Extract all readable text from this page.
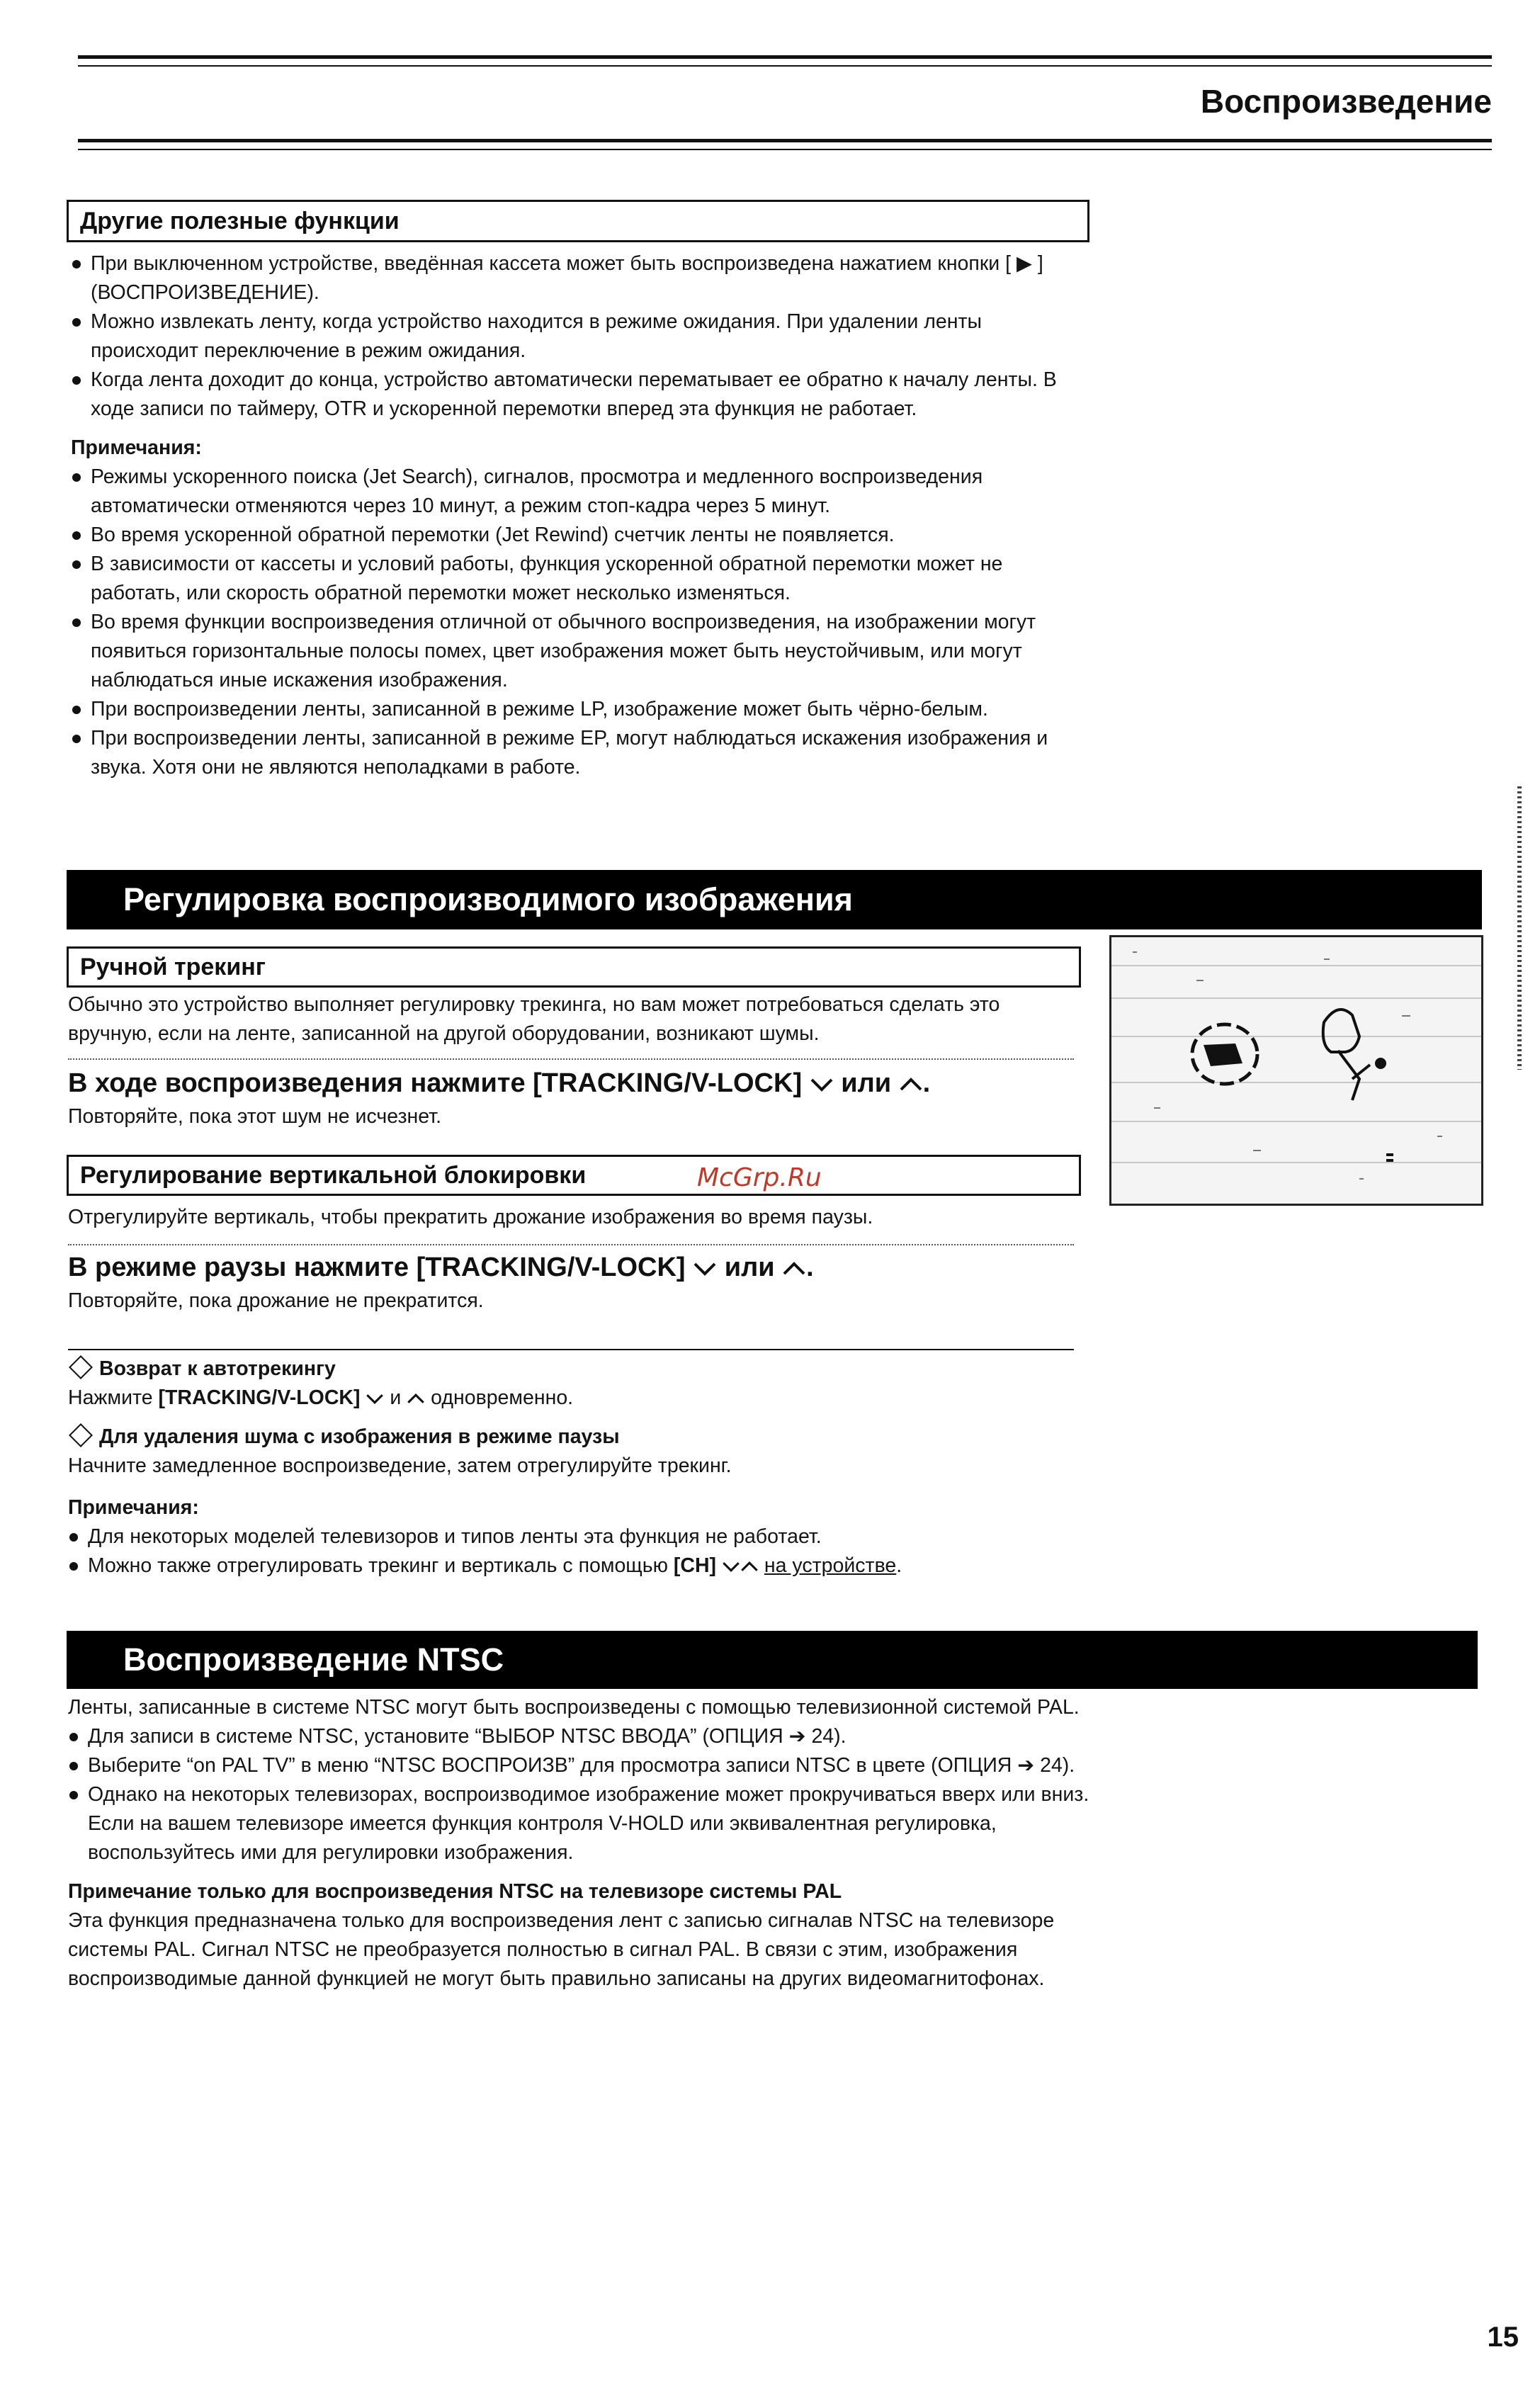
Воспроизведение
Другие полезные функции

При выключенном устройстве, введённая кассета может быть воспроизведена нажатием кнопки [ ▶ ] (ВОСПРОИЗВЕДЕНИЕ).

Можно извлекать ленту, когда устройство находится в режиме ожидания. При удалении ленты происходит переключение в режим ожидания.

Когда лента доходит до конца, устройство автоматически перематывает ее обратно к началу ленты. В ходе записи по таймеру, OTR и ускоренной перемотки вперед эта функция не работает.

Примечания:

Режимы ускоренного поиска (Jet Search), сигналов, просмотра и медленного воспроизведения автоматически отменяются через 10 минут, а режим стоп-кадра через 5 минут.

Во время ускоренной обратной перемотки (Jet Rewind) счетчик ленты не появляется.

В зависимости от кассеты и условий работы, функция ускоренной обратной перемотки может не работать, или скорость обратной перемотки может несколько изменяться.

Во время функции воспроизведения отличной от обычного воспроизведения, на изображении могут появиться горизонтальные полосы помех, цвет изображения может быть неустойчивым, или могут наблюдаться иные искажения изображения.

При воспроизведении ленты, записанной в режиме LP, изображение может быть чёрно-белым.

При воспроизведении ленты, записанной в режиме EP, могут наблюдаться искажения изображения и звука. Хотя они не являются неполадками в работе.

Регулировка воспроизводимого изображения
Ручной трекинг
Обычно это устройство выполняет регулировку трекинга, но вам может потребоваться сделать это вручную, если на ленте, записанной на другой оборудовании, возникают шумы.
В ходе воспроизведения нажмите [TRACKING/V-LOCK] или .
Повторяйте, пока этот шум не исчезнет.
Регулирование вертикальной блокировки	McGrp.Ru
Отрегулируйте вертикаль, чтобы прекратить дрожание изображения во время паузы.
В режиме раузы нажмите [TRACKING/V-LOCK] или .
Повторяйте, пока дрожание не прекратится.

Возврат к автотрекингу

Нажмите [TRACKING/V-LOCK] и одновременно.

Для удаления шума с изображения в режиме паузы

Начните замедленное воспроизведение, затем отрегулируйте трекинг.

Примечания:

Для некоторых моделей телевизоров и типов ленты эта функция не работает.

Можно также отрегулировать трекинг и вертикаль с помощью [CH] на устройстве.

Воспроизведение NTSC

Ленты, записанные в системе NTSC могут быть воспроизведены с помощью телевизионной системой PAL.

Для записи в системе NTSC, установите “ВЫБОР NTSC ВВОДА” (ОПЦИЯ ➔ 24).

Выберите “on PAL TV” в меню “NTSC ВОСПРОИЗВ” для просмотра записи NTSC в цвете (ОПЦИЯ ➔ 24).

Однако на некоторых телевизорах, воспроизводимое изображение может прокручиваться вверх или вниз. Если на вашем телевизоре имеется функция контроля V-HOLD или эквивалентная регулировка, воспользуйтесь ими для регулировки изображения.

Примечание только для воспроизведения NTSC на телевизоре системы PAL

Эта функция предназначена только для воспроизведения лент с записью сигналав NTSC на телевизоре системы PAL. Сигнал NTSC не преобразуется полностью в сигнал PAL. В связи с этим, изображения воспроизводимые данной функцией не могут быть правильно записаны на других видеомагнитофонах.

15
